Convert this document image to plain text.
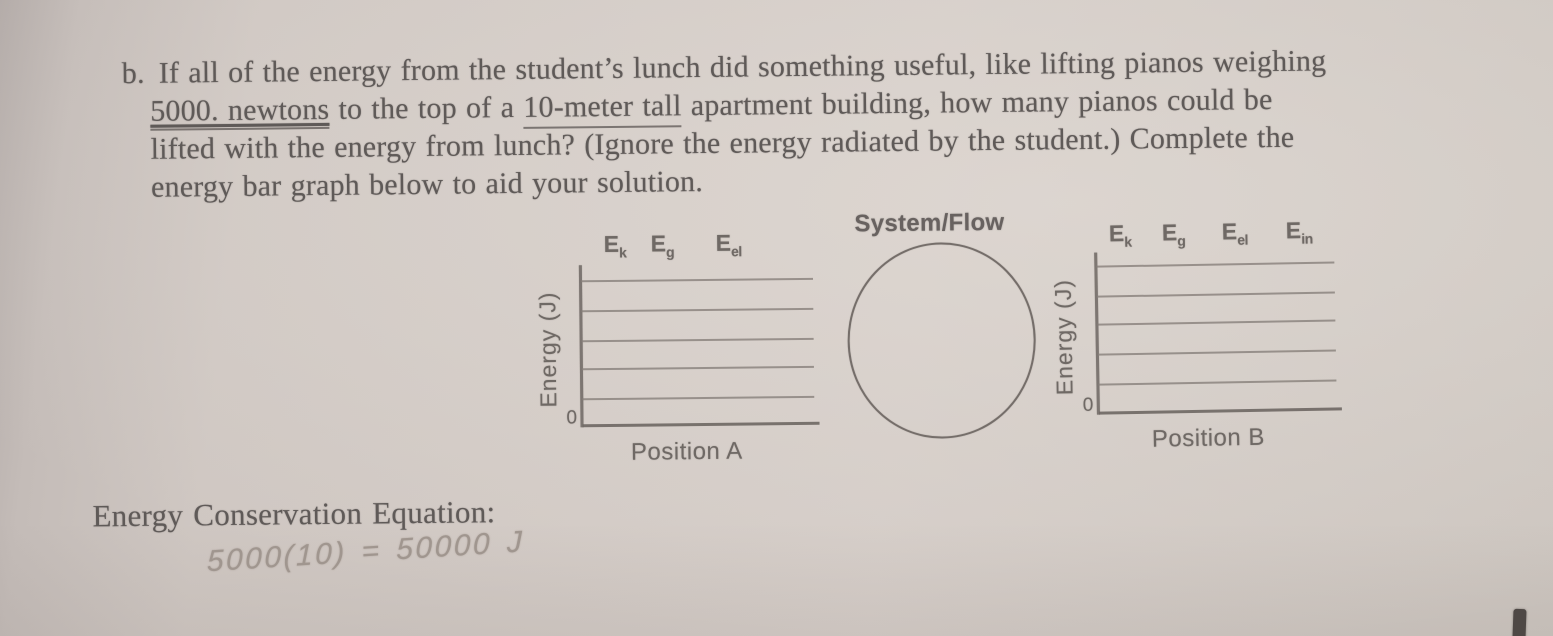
b. If all of the energy from the student’s lunch did something useful, like lifting pianos weighing
5000. newtons to the top of a 10-meter tall apartment building, how many pianos could be
lifted with the energy from lunch? (Ignore the energy radiated by the student.) Complete the
energy bar graph below to aid your solution.
$E_k$ $E_g$ $E_{el}$
Energy (J)
0
Position A
System/Flow	$E_k$ $E_g$ $E_{el}$ $E_{in}$
Energy (J)
0
Position B
Energy Conservation Equation:
5000(10) = 50000 J
